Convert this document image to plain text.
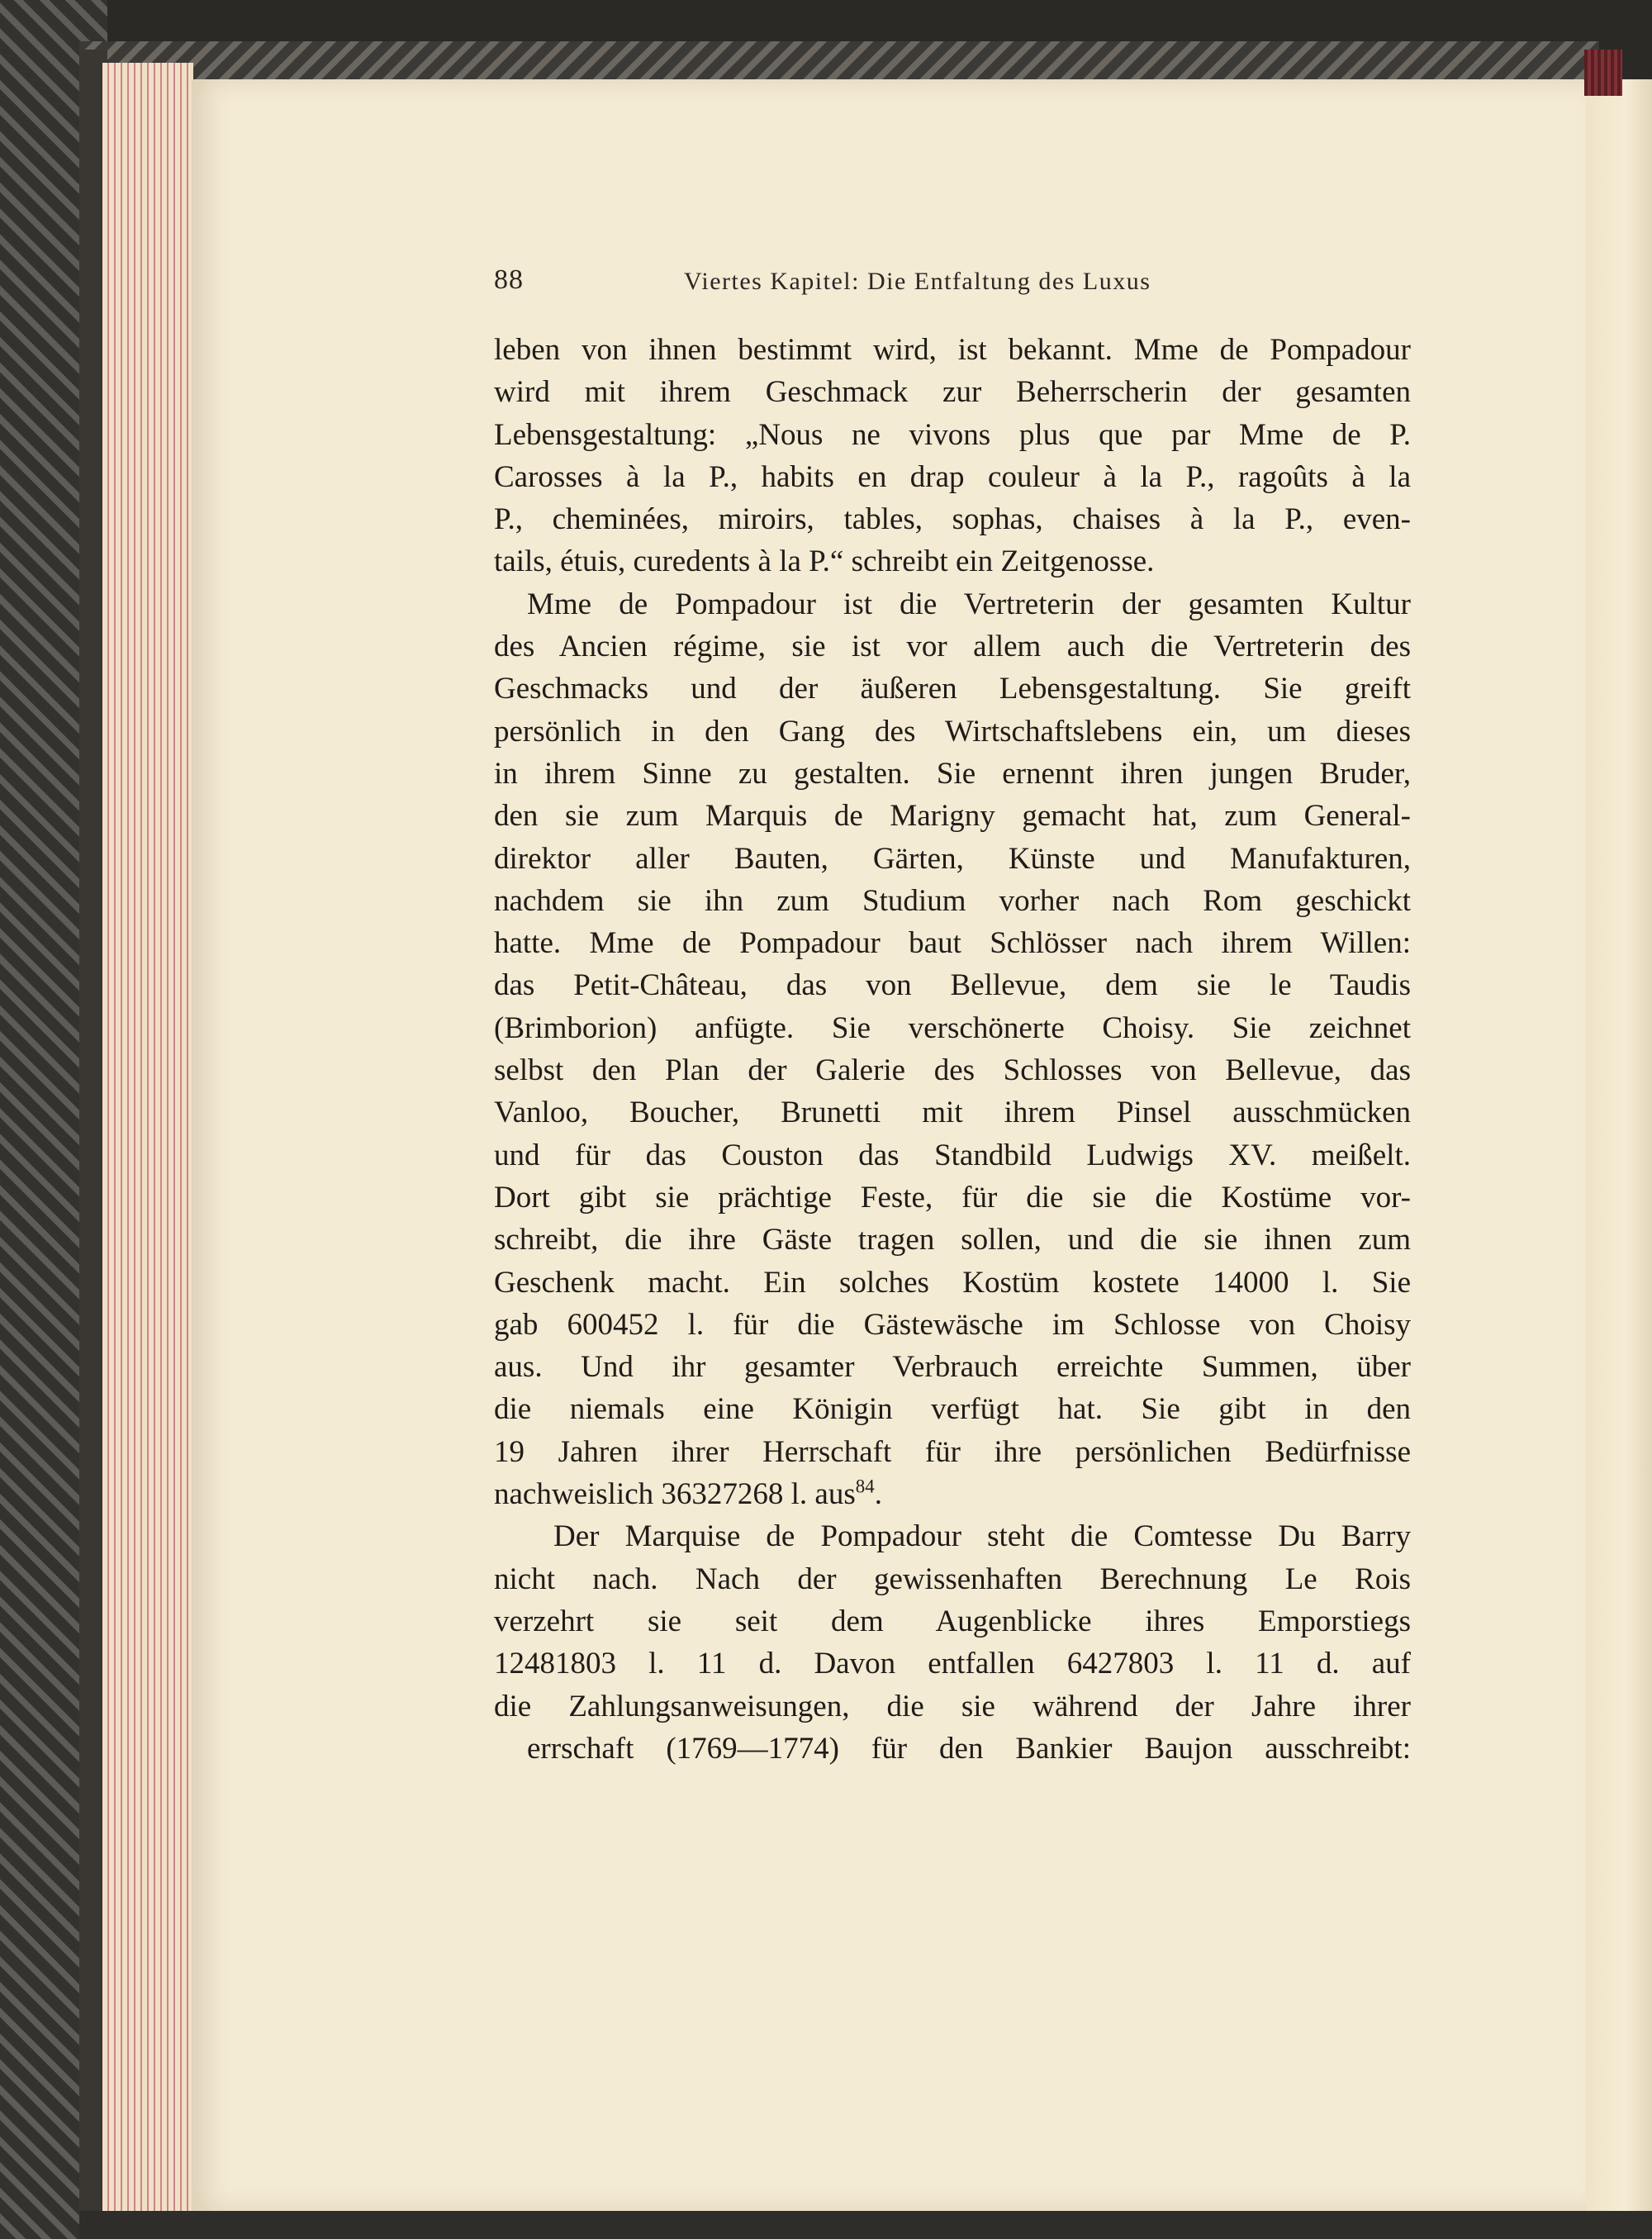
88	Viertes Kapitel: Die Entfaltung des Luxus
leben von ihnen bestimmt wird, ist bekannt. Mme de Pompadour
wird mit ihrem Geschmack zur Beherrscherin der gesamten
Lebensgestaltung: „Nous ne vivons plus que par Mme de P.
Carosses à la P., habits en drap couleur à la P., ragoûts à la
P., cheminées, miroirs, tables, sophas, chaises à la P., even-
tails, étuis, curedents à la P.“ schreibt ein Zeitgenosse.
Mme de Pompadour ist die Vertreterin der gesamten Kultur
des Ancien régime, sie ist vor allem auch die Vertreterin des
Geschmacks und der äußeren Lebensgestaltung. Sie greift
persönlich in den Gang des Wirtschaftslebens ein, um dieses
in ihrem Sinne zu gestalten. Sie ernennt ihren jungen Bruder,
den sie zum Marquis de Marigny gemacht hat, zum General-
direktor aller Bauten, Gärten, Künste und Manufakturen,
nachdem sie ihn zum Studium vorher nach Rom geschickt
hatte. Mme de Pompadour baut Schlösser nach ihrem Willen:
das Petit-Château, das von Bellevue, dem sie le Taudis
(Brimborion) anfügte. Sie verschönerte Choisy. Sie zeichnet
selbst den Plan der Galerie des Schlosses von Bellevue, das
Vanloo, Boucher, Brunetti mit ihrem Pinsel ausschmücken
und für das Couston das Standbild Ludwigs XV. meißelt.
Dort gibt sie prächtige Feste, für die sie die Kostüme vor-
schreibt, die ihre Gäste tragen sollen, und die sie ihnen zum
Geschenk macht. Ein solches Kostüm kostete 14000 l. Sie
gab 600452 l. für die Gästewäsche im Schlosse von Choisy
aus. Und ihr gesamter Verbrauch erreichte Summen, über
die niemals eine Königin verfügt hat. Sie gibt in den
19 Jahren ihrer Herrschaft für ihre persönlichen Bedürfnisse
nachweislich 36327268 l. aus$^{84}$.
Der Marquise de Pompadour steht die Comtesse Du Barry
nicht nach. Nach der gewissenhaften Berechnung Le Rois
verzehrt sie seit dem Augenblicke ihres Emporstiegs
12481803 l. 11 d. Davon entfallen 6427803 l. 11 d. auf
die Zahlungsanweisungen, die sie während der Jahre ihrer
errschaft (1769—1774) für den Bankier Baujon ausschreibt:
